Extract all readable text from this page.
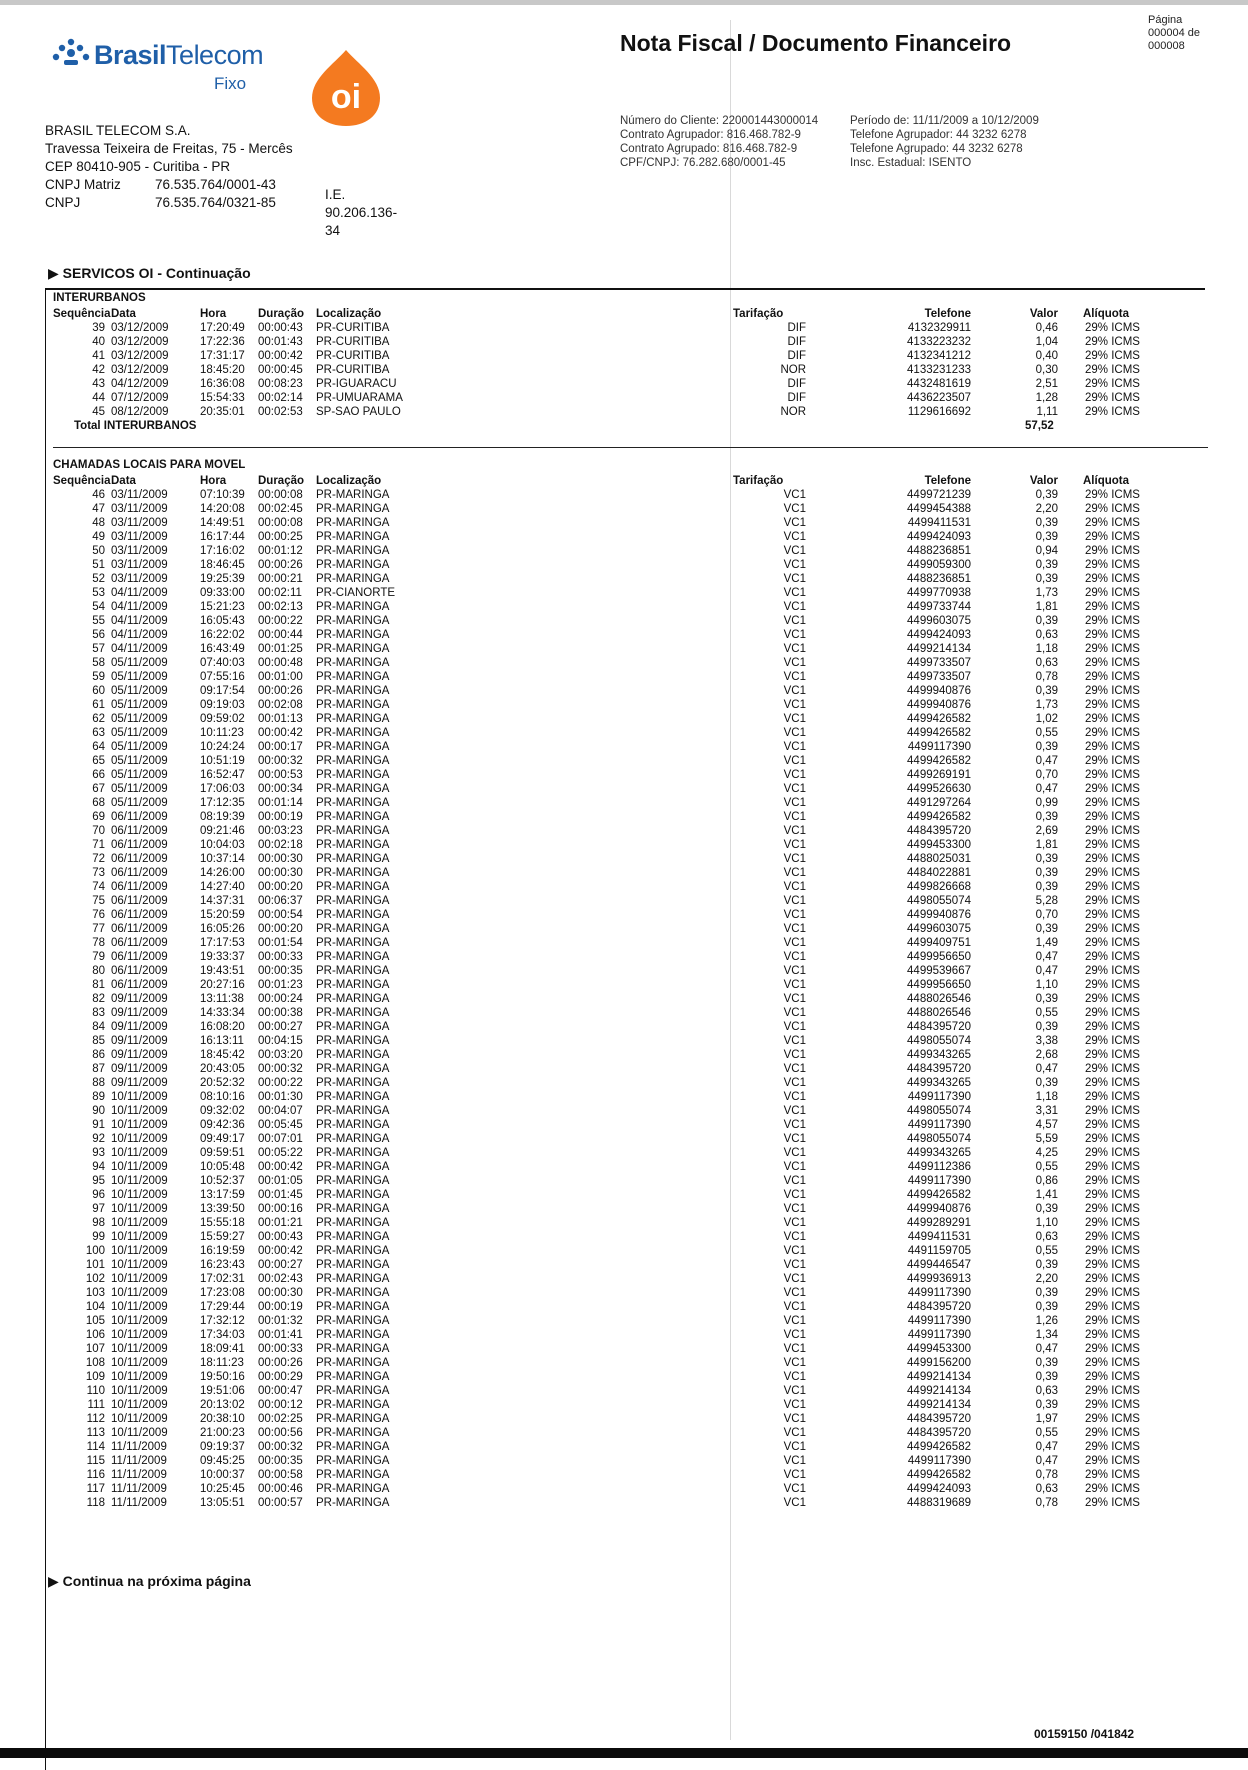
BrasilTelecom
Fixo oi
BRASIL TELECOM S.A.
Travessa Teixeira de Freitas, 75 - Mercês
CEP 80410-905 - Curitiba - PR
CNPJ Matriz	76.535.764/0001-43
CNPJ	76.535.764/0321-85
I.E. 90.206.136-34
Nota Fiscal / Documento Financeiro
Página
000004 de
000008
Número do Cliente: 220001443000014
Contrato Agrupador: 816.468.782-9
Contrato Agrupado: 816.468.782-9
CPF/CNPJ: 76.282.680/0001-45
Período de: 11/11/2009 a 10/12/2009
Telefone Agrupador: 44 3232 6278
Telefone Agrupado: 44 3232 6278
Insc. Estadual: ISENTO
▶ SERVICOS OI - Continuação
INTERURBANOS
Sequência Data	Hora	Duração Localização	Tarifação	Telefone	Valor Alíquota
39 03/12/2009	17:20:49 00:00:43 PR-CURITIBA	DIF	4132329911	0,46 29% ICMS
40 03/12/2009	17:22:36 00:01:43 PR-CURITIBA	DIF	4133223232	1,04 29% ICMS
41 03/12/2009	17:31:17 00:00:42 PR-CURITIBA	DIF	4132341212	0,40 29% ICMS
42 03/12/2009	18:45:20 00:00:45 PR-CURITIBA	NOR	4133231233	0,30 29% ICMS
43 04/12/2009	16:36:08 00:08:23 PR-IGUARACU	DIF	4432481619	2,51 29% ICMS
44 07/12/2009	15:54:33 00:02:14 PR-UMUARAMA	DIF	4436223507	1,28 29% ICMS
45 08/12/2009	20:35:01 00:02:53 SP-SAO PAULO	NOR	1129616692	1,11 29% ICMS
Total INTERURBANOS	57,52
CHAMADAS LOCAIS PARA MOVEL
Sequência Data	Hora	Duração Localização	Tarifação	Telefone	Valor Alíquota
46 03/11/2009	07:10:39 00:00:08 PR-MARINGA	VC1	4499721239	0,39 29% ICMS
47 03/11/2009	14:20:08 00:02:45 PR-MARINGA	VC1	4499454388	2,20 29% ICMS
48 03/11/2009	14:49:51 00:00:08 PR-MARINGA	VC1	4499411531	0,39 29% ICMS
49 03/11/2009	16:17:44 00:00:25 PR-MARINGA	VC1	4499424093	0,39 29% ICMS
50 03/11/2009	17:16:02 00:01:12 PR-MARINGA	VC1	4488236851	0,94 29% ICMS
51 03/11/2009	18:46:45 00:00:26 PR-MARINGA	VC1	4499059300	0,39 29% ICMS
52 03/11/2009	19:25:39 00:00:21 PR-MARINGA	VC1	4488236851	0,39 29% ICMS
53 04/11/2009	09:33:00 00:02:11 PR-CIANORTE	VC1	4499770938	1,73 29% ICMS
54 04/11/2009	15:21:23 00:02:13 PR-MARINGA	VC1	4499733744	1,81 29% ICMS
55 04/11/2009	16:05:43 00:00:22 PR-MARINGA	VC1	4499603075	0,39 29% ICMS
56 04/11/2009	16:22:02 00:00:44 PR-MARINGA	VC1	4499424093	0,63 29% ICMS
57 04/11/2009	16:43:49 00:01:25 PR-MARINGA	VC1	4499214134	1,18 29% ICMS
58 05/11/2009	07:40:03 00:00:48 PR-MARINGA	VC1	4499733507	0,63 29% ICMS
59 05/11/2009	07:55:16 00:01:00 PR-MARINGA	VC1	4499733507	0,78 29% ICMS
60 05/11/2009	09:17:54 00:00:26 PR-MARINGA	VC1	4499940876	0,39 29% ICMS
61 05/11/2009	09:19:03 00:02:08 PR-MARINGA	VC1	4499940876	1,73 29% ICMS
62 05/11/2009	09:59:02 00:01:13 PR-MARINGA	VC1	4499426582	1,02 29% ICMS
63 05/11/2009	10:11:23 00:00:42 PR-MARINGA	VC1	4499426582	0,55 29% ICMS
64 05/11/2009	10:24:24 00:00:17 PR-MARINGA	VC1	4499117390	0,39 29% ICMS
65 05/11/2009	10:51:19 00:00:32 PR-MARINGA	VC1	4499426582	0,47 29% ICMS
66 05/11/2009	16:52:47 00:00:53 PR-MARINGA	VC1	4499269191	0,70 29% ICMS
67 05/11/2009	17:06:03 00:00:34 PR-MARINGA	VC1	4499526630	0,47 29% ICMS
68 05/11/2009	17:12:35 00:01:14 PR-MARINGA	VC1	4491297264	0,99 29% ICMS
69 06/11/2009	08:19:39 00:00:19 PR-MARINGA	VC1	4499426582	0,39 29% ICMS
70 06/11/2009	09:21:46 00:03:23 PR-MARINGA	VC1	4484395720	2,69 29% ICMS
71 06/11/2009	10:04:03 00:02:18 PR-MARINGA	VC1	4499453300	1,81 29% ICMS
72 06/11/2009	10:37:14 00:00:30 PR-MARINGA	VC1	4488025031	0,39 29% ICMS
73 06/11/2009	14:26:00 00:00:30 PR-MARINGA	VC1	4484022881	0,39 29% ICMS
74 06/11/2009	14:27:40 00:00:20 PR-MARINGA	VC1	4499826668	0,39 29% ICMS
75 06/11/2009	14:37:31 00:06:37 PR-MARINGA	VC1	4498055074	5,28 29% ICMS
76 06/11/2009	15:20:59 00:00:54 PR-MARINGA	VC1	4499940876	0,70 29% ICMS
77 06/11/2009	16:05:26 00:00:20 PR-MARINGA	VC1	4499603075	0,39 29% ICMS
78 06/11/2009	17:17:53 00:01:54 PR-MARINGA	VC1	4499409751	1,49 29% ICMS
79 06/11/2009	19:33:37 00:00:33 PR-MARINGA	VC1	4499956650	0,47 29% ICMS
80 06/11/2009	19:43:51 00:00:35 PR-MARINGA	VC1	4499539667	0,47 29% ICMS
81 06/11/2009	20:27:16 00:01:23 PR-MARINGA	VC1	4499956650	1,10 29% ICMS
82 09/11/2009	13:11:38 00:00:24 PR-MARINGA	VC1	4488026546	0,39 29% ICMS
83 09/11/2009	14:33:34 00:00:38 PR-MARINGA	VC1	4488026546	0,55 29% ICMS
84 09/11/2009	16:08:20 00:00:27 PR-MARINGA	VC1	4484395720	0,39 29% ICMS
85 09/11/2009	16:13:11 00:04:15 PR-MARINGA	VC1	4498055074	3,38 29% ICMS
86 09/11/2009	18:45:42 00:03:20 PR-MARINGA	VC1	4499343265	2,68 29% ICMS
87 09/11/2009	20:43:05 00:00:32 PR-MARINGA	VC1	4484395720	0,47 29% ICMS
88 09/11/2009	20:52:32 00:00:22 PR-MARINGA	VC1	4499343265	0,39 29% ICMS
89 10/11/2009	08:10:16 00:01:30 PR-MARINGA	VC1	4499117390	1,18 29% ICMS
90 10/11/2009	09:32:02 00:04:07 PR-MARINGA	VC1	4498055074	3,31 29% ICMS
91 10/11/2009	09:42:36 00:05:45 PR-MARINGA	VC1	4499117390	4,57 29% ICMS
92 10/11/2009	09:49:17 00:07:01 PR-MARINGA	VC1	4498055074	5,59 29% ICMS
93 10/11/2009	09:59:51 00:05:22 PR-MARINGA	VC1	4499343265	4,25 29% ICMS
94 10/11/2009	10:05:48 00:00:42 PR-MARINGA	VC1	4499112386	0,55 29% ICMS
95 10/11/2009	10:52:37 00:01:05 PR-MARINGA	VC1	4499117390	0,86 29% ICMS
96 10/11/2009	13:17:59 00:01:45 PR-MARINGA	VC1	4499426582	1,41 29% ICMS
97 10/11/2009	13:39:50 00:00:16 PR-MARINGA	VC1	4499940876	0,39 29% ICMS
98 10/11/2009	15:55:18 00:01:21 PR-MARINGA	VC1	4499289291	1,10 29% ICMS
99 10/11/2009	15:59:27 00:00:43 PR-MARINGA	VC1	4499411531	0,63 29% ICMS
100 10/11/2009	16:19:59 00:00:42 PR-MARINGA	VC1	4491159705	0,55 29% ICMS
101 10/11/2009	16:23:43 00:00:27 PR-MARINGA	VC1	4499446547	0,39 29% ICMS
102 10/11/2009	17:02:31 00:02:43 PR-MARINGA	VC1	4499936913	2,20 29% ICMS
103 10/11/2009	17:23:08 00:00:30 PR-MARINGA	VC1	4499117390	0,39 29% ICMS
104 10/11/2009	17:29:44 00:00:19 PR-MARINGA	VC1	4484395720	0,39 29% ICMS
105 10/11/2009	17:32:12 00:01:32 PR-MARINGA	VC1	4499117390	1,26 29% ICMS
106 10/11/2009	17:34:03 00:01:41 PR-MARINGA	VC1	4499117390	1,34 29% ICMS
107 10/11/2009	18:09:41 00:00:33 PR-MARINGA	VC1	4499453300	0,47 29% ICMS
108 10/11/2009	18:11:23 00:00:26 PR-MARINGA	VC1	4499156200	0,39 29% ICMS
109 10/11/2009	19:50:16 00:00:29 PR-MARINGA	VC1	4499214134	0,39 29% ICMS
110 10/11/2009	19:51:06 00:00:47 PR-MARINGA	VC1	4499214134	0,63 29% ICMS
111 10/11/2009	20:13:02 00:00:12 PR-MARINGA	VC1	4499214134	0,39 29% ICMS
112 10/11/2009	20:38:10 00:02:25 PR-MARINGA	VC1	4484395720	1,97 29% ICMS
113 10/11/2009	21:00:23 00:00:56 PR-MARINGA	VC1	4484395720	0,55 29% ICMS
114 11/11/2009	09:19:37 00:00:32 PR-MARINGA	VC1	4499426582	0,47 29% ICMS
115 11/11/2009	09:45:25 00:00:35 PR-MARINGA	VC1	4499117390	0,47 29% ICMS
116 11/11/2009	10:00:37 00:00:58 PR-MARINGA	VC1	4499426582	0,78 29% ICMS
117 11/11/2009	10:25:45 00:00:46 PR-MARINGA	VC1	4499424093	0,63 29% ICMS
118 11/11/2009	13:05:51 00:00:57 PR-MARINGA	VC1	4488319689	0,78 29% ICMS
▶ Continua na próxima página
00159150 /041842
